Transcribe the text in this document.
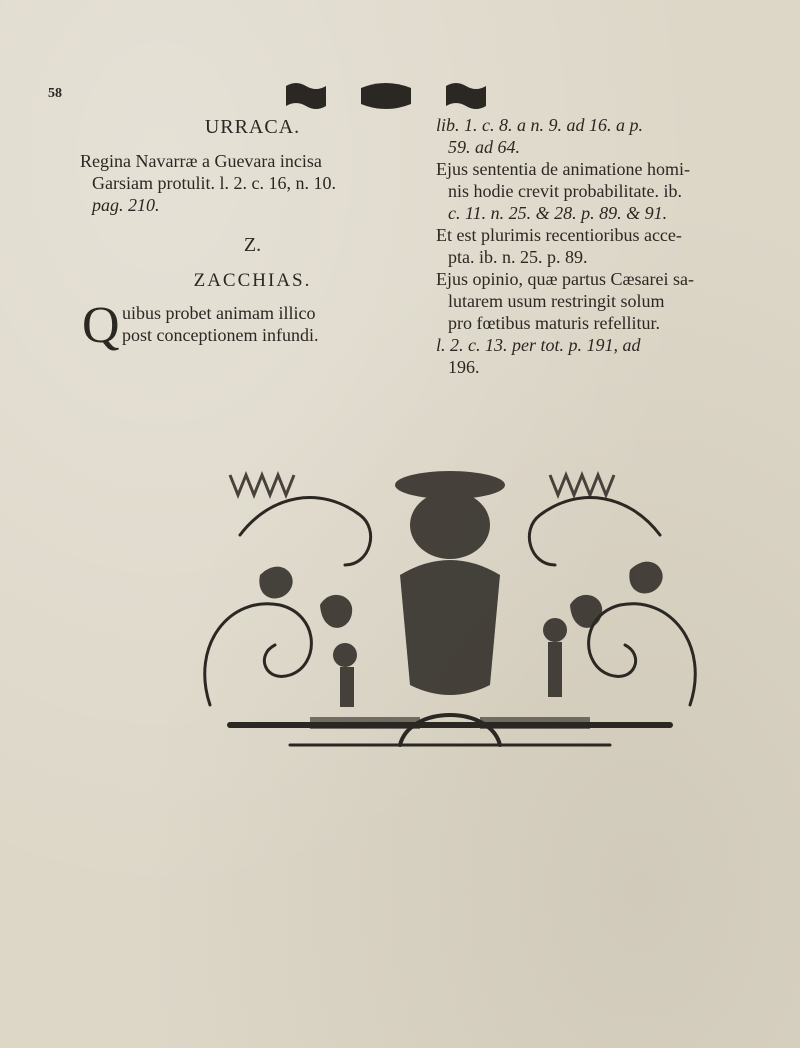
58
URRACA.
Regina Navarræ a Guevara incisa
Garsiam protulit. l. 2. c. 16, n. 10.
pag. 210.
Z.
ZACCHIAS.
Q uibus probet animam illico
post conceptionem infundi.
lib. 1. c. 8. a n. 9. ad 16. a p.
59. ad 64.
Ejus sententia de animatione homi-
nis hodie crevit probabilitate. ib.
c. 11. n. 25. & 28. p. 89. & 91.
Et est plurimis recentioribus acce-
pta. ib. n. 25. p. 89.
Ejus opinio, quæ partus Cæsarei sa-
lutarem usum restringit solum
pro fœtibus maturis refellitur.
l. 2. c. 13. per tot. p. 191, ad
196.
